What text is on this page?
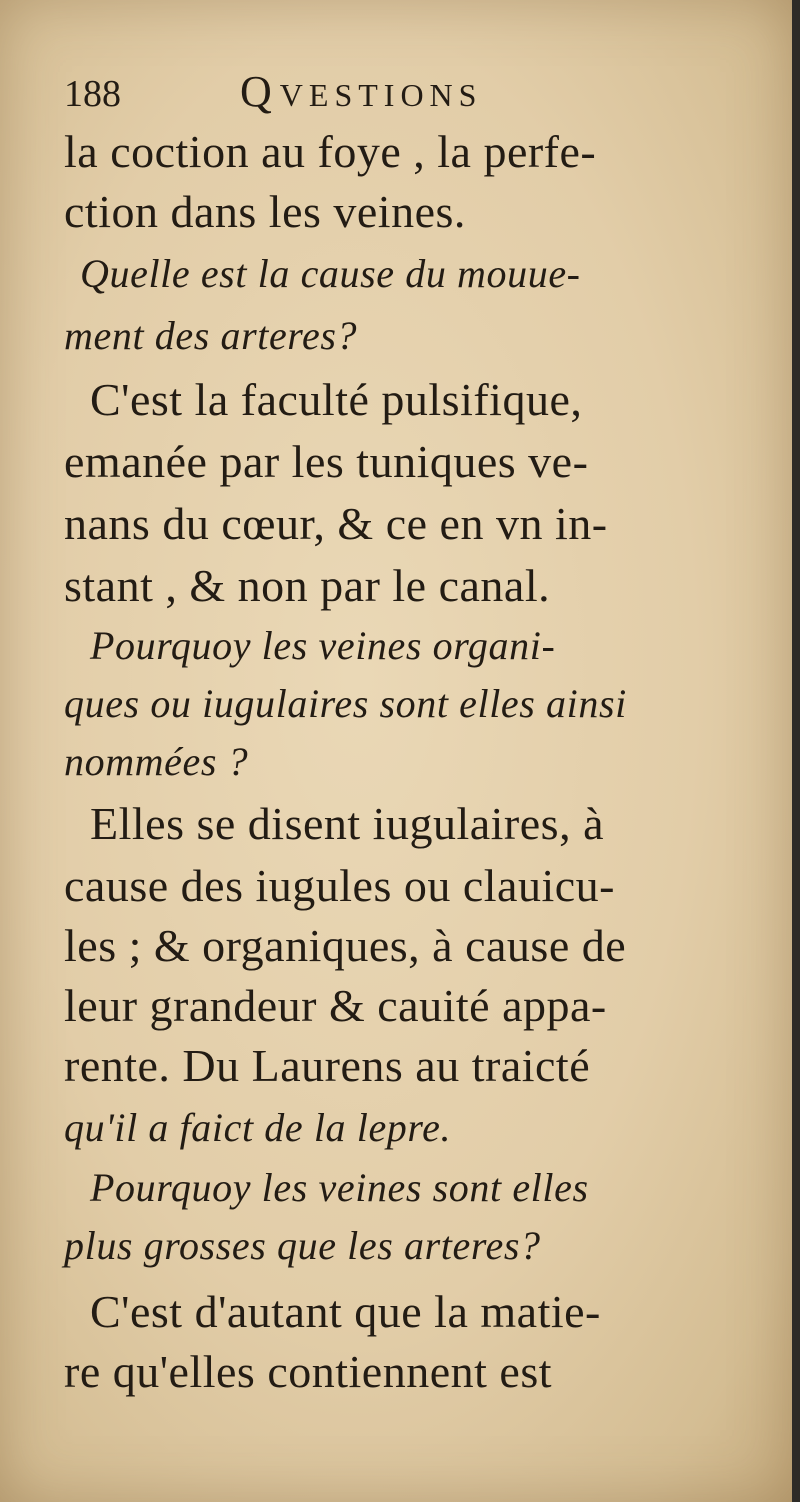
188	QVESTIONS
la coction au foye , la perfe-
ction dans les veines.
Quelle est la cause du mouue-
ment des arteres?
C'est la faculté pulsifique,
emanée par les tuniques ve-
nans du cœur, & ce en vn in-
stant , & non par le canal.
Pourquoy les veines organi-
ques ou iugulaires sont elles ainsi
nommées ?
Elles se disent iugulaires, à
cause des iugules ou clauicu-
les ; & organiques, à cause de
leur grandeur & cauité appa-
rente. Du Laurens au traicté
qu'il a faict de la lepre.
Pourquoy les veines sont elles
plus grosses que les arteres?
C'est d'autant que la matie-
re qu'elles contiennent est
